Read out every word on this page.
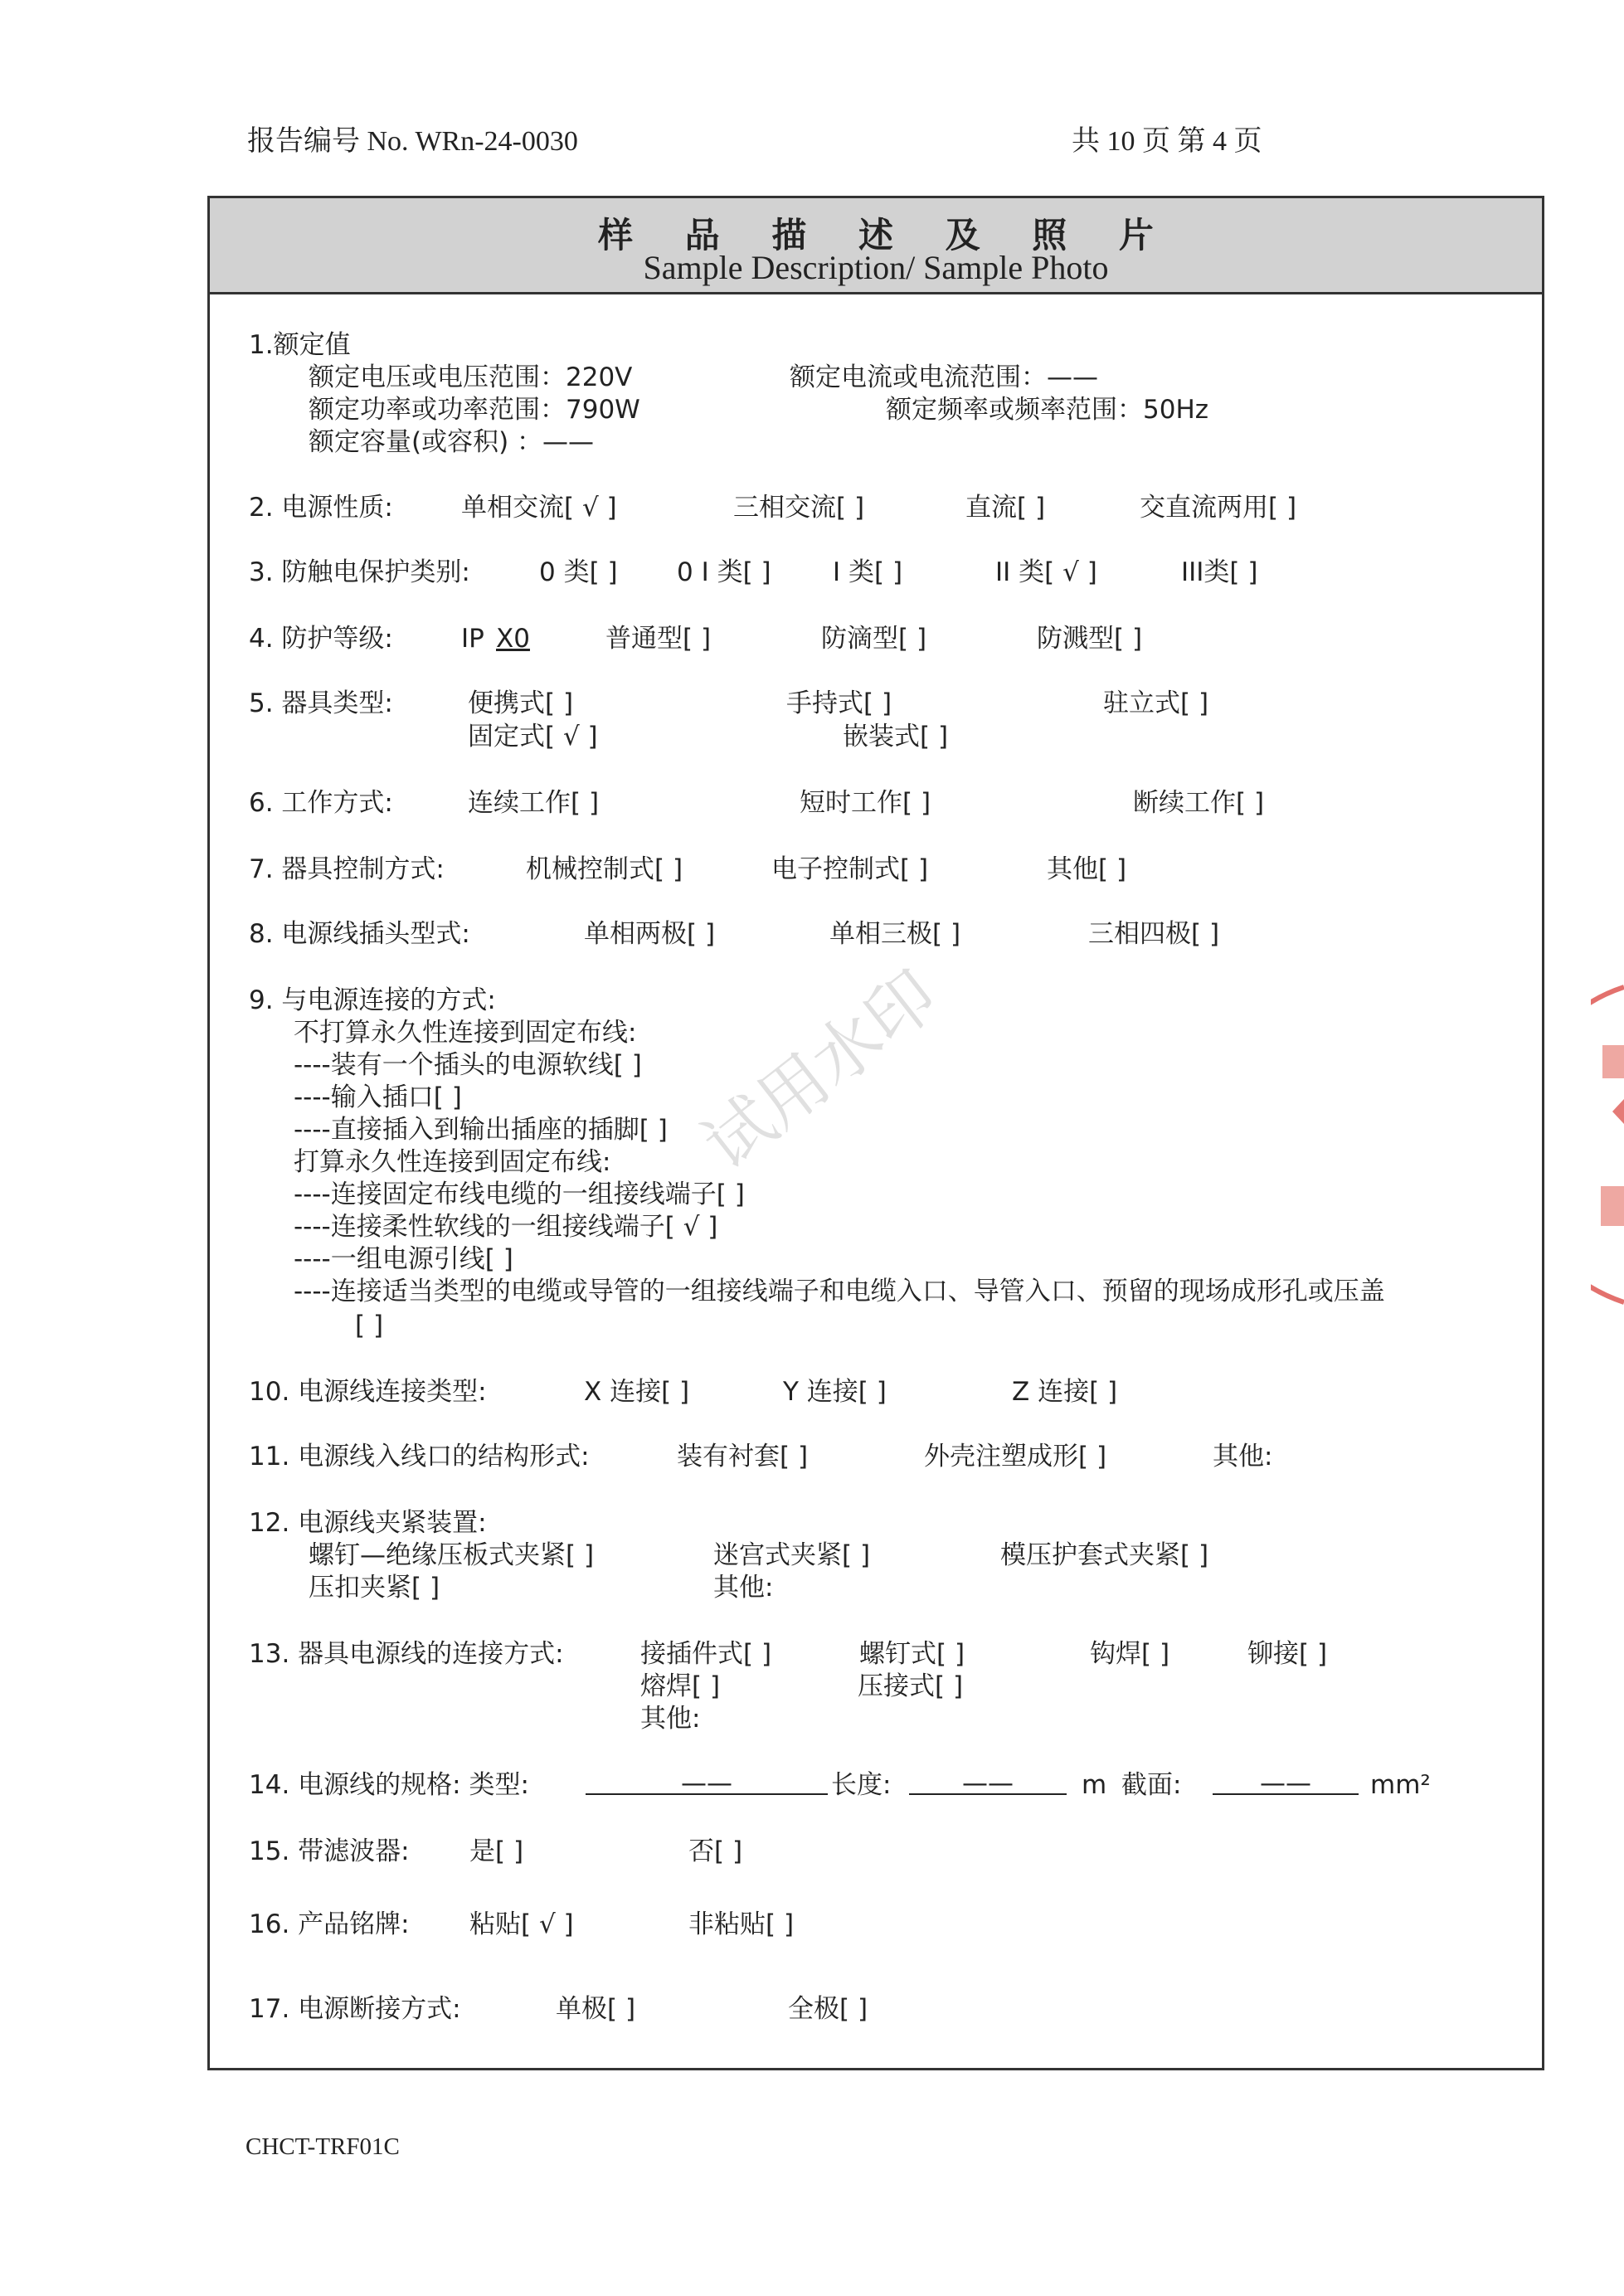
报告编号 No. WRn-24-0030	共 10 页 第 4 页
样 品 描 述 及 照 片
Sample Description/ Sample Photo
1.额定值
额定电压或电压范围：220V	额定电流或电流范围：——
额定功率或功率范围：790W	额定频率或频率范围：50Hz
额定容量(或容积) ：——
2. 电源性质:	单相交流[ √ ]	三相交流[ ]	直流[ ]	交直流两用[ ]
3. 防触电保护类别:	0 类[ ] 0 I 类[ ] I 类[ ]	II 类[ √ ]	III类[ ]
4. 防护等级:	IP X0	普通型[ ]	防滴型[ ]	防溅型[ ]
5. 器具类型:	便携式[ ]	手持式[ ]	驻立式[ ]
固定式[ √ ]	嵌装式[ ]
6. 工作方式:	连续工作[ ]	短时工作[ ]	断续工作[ ]
7. 器具控制方式:	机械控制式[ ]	电子控制式[ ]	其他[ ]
8. 电源线插头型式:	单相两极[ ]	单相三极[ ]	三相四极[ ]
9. 与电源连接的方式:
不打算永久性连接到固定布线:
----装有一个插头的电源软线[ ]
----输入插口[ ]
----直接插入到输出插座的插脚[ ]
打算永久性连接到固定布线:
----连接固定布线电缆的一组接线端子[ ]
----连接柔性软线的一组接线端子[ √ ]
----一组电源引线[ ]
----连接适当类型的电缆或导管的一组接线端子和电缆入口、导管入口、预留的现场成形孔或压盖
[ ]
10. 电源线连接类型:	X 连接[ ]	Y 连接[ ]	Z 连接[ ]
11. 电源线入线口的结构形式:	装有衬套[ ]	外壳注塑成形[ ]	其他:
12. 电源线夹紧装置:
螺钉—绝缘压板式夹紧[ ]	迷宫式夹紧[ ]	模压护套式夹紧[ ]
压扣夹紧[ ]	其他:
13. 器具电源线的连接方式:	接插件式[ ]	螺钉式[ ]	钩焊[ ]	铆接[ ]
熔焊[ ]	压接式[ ]
其他:
14. 电源线的规格: 类型:	——	长度:	——	m 截面:	——	mm²
15. 带滤波器: 是[ ]	否[ ]
16. 产品铭牌: 粘贴[ √ ]	非粘贴[ ]
17. 电源断接方式:	单极[ ]	全极[ ]
试用水印
CHCT-TRF01C
